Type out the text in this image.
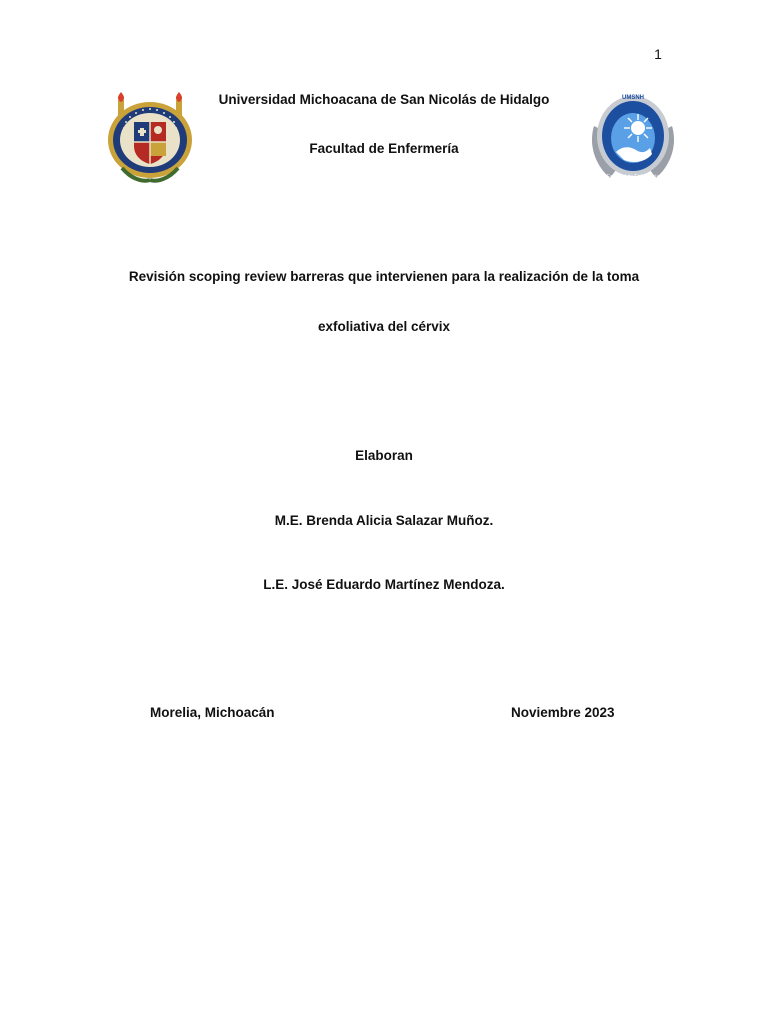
1
UMSNH
Facultad de Enfermería
Universidad Michoacana de San Nicolás de Hidalgo
Facultad de Enfermería
Revisión scoping review barreras que intervienen para la realización de la toma
exfoliativa del cérvix
Elaboran
M.E. Brenda Alicia Salazar Muñoz.
L.E. José Eduardo Martínez Mendoza.
Morelia, Michoacán	Noviembre 2023
